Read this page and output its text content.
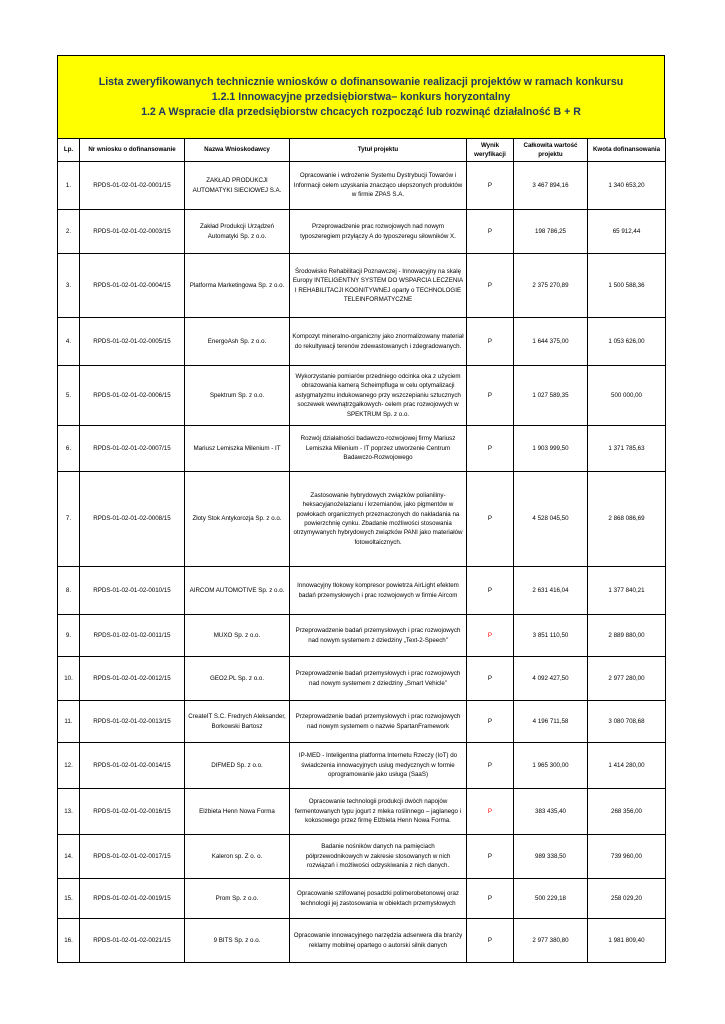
Lista zweryfikowanych technicznie wniosków o dofinansowanie realizacji projektów w ramach konkursu
1.2.1 Innowacyjne przedsiębiorstwa– konkurs horyzontalny
1.2 A Wspracie dla przedsiębiorstw chcacych rozpocząć lub rozwinąć działalność B + R
Lp.	Nr wniosku o dofinansowanie	Nazwa Wnioskodawcy	Tytuł projektu	Wynik weryfikacji	Całkowita wartość projektu	Kwota dofinansowania
1.	RPDS-01-02-01-02-0001/15	ZAKŁAD PRODUKCJI AUTOMATYKI SIECIOWEJ S.A.	Opracowanie i wdrożenie Systemu Dystrybucji Towarów i Informacji celem uzyskania znacząco ulepszonych produktów w firmie ZPAS S.A.	P	3 467 894,16	1 340 653,20
2.	RPDS-01-02-01-02-0003/15	Zakład Produkcji Urządzeń Automatyki Sp. z o.o.	Przeprowadzenie prac rozwojowych nad nowym typoszeregiem przyłączy A do typoszeregu siłowników X.	P	198 786,25	65 912,44
3.	RPDS-01-02-01-02-0004/15	Platforma Marketingowa Sp. z o.o.	Środowisko Rehabilitacji Poznawczej - Innowacyjny na skalę Europy INTELIGENTNY SYSTEM DO WSPARCIA LECZENIA I REHABILITACJI KOGNITYWNEJ oparty o TECHNOLOGIE TELEINFORMATYCZNE	P	2 375 270,89	1 500 588,36
4.	RPDS-01-02-01-02-0005/15	EnergoAsh Sp. z o.o.	Kompozyt mineralno-organiczny jako znormalizowany materiał do rekultywacji terenów zdewastowanych i zdegradowanych.	P	1 644 375,00	1 053 626,00
5.	RPDS-01-02-01-02-0006/15	Spektrum Sp. z o.o.	Wykorzystanie pomiarów przedniego odcinka oka z użyciem obrazowania kamerą Scheimpfluga w celu optymalizacji astygmatyzmu indukowanego przy wszczepianiu sztucznych soczewek wewnątrzgałkowych- celem prac rozwojowych w SPEKTRUM Sp. z o.o.	P	1 027 589,35	500 000,00
6.	RPDS-01-02-01-02-0007/15	Mariusz Lemiszka Milenium - IT	Rozwój działalności badawczo-rozwojowej firmy Mariusz Lemiszka Milenium - IT poprzez utworzenie Centrum Badawczo-Rozwojowego	P	1 903 999,50	1 371 785,63
7.	RPDS-01-02-01-02-0008/15	Złoty Stok Antykorozja Sp. z o.o.	Zastosowanie hybrydowych związków polianiliny-heksacyjanożelazianu i krzemianów, jako pigmentów w powłokach organicznych przeznaczonych do nakładania na powierzchnię cynku. Zbadanie możliwości stosowania otrzymywanych hybrydowych związków PANI jako materiałów fotowoltaicznych.	P	4 528 045,50	2 868 086,69
8.	RPDS-01-02-01-02-0010/15	AIRCOM AUTOMOTIVE Sp. z o.o.	Innowacyjny tłokowy kompresor powietrza AirLight efektem badań przemysłowych i prac rozwojowych w firmie Aircom	P	2 631 416,04	1 377 840,21
9.	RPDS-01-02-01-02-0011/15	MUXO Sp. z o.o.	Przeprowadzenie badań przemysłowych i prac rozwojowych nad nowym systemem z dziedziny „Text-2-Speech”	P	3 851 110,50	2 889 880,00
10.	RPDS-01-02-01-02-0012/15	GEO2.PL Sp. z o.o.	Przeprowadzenie badań przemysłowych i prac rozwojowych nad nowym systemem z dziedziny „Smart Vehicle”	P	4 092 427,50	2 977 280,00
11.	RPDS-01-02-01-02-0013/15	CreateIT S.C. Fredrych Aleksander, Borkowski Bartosz	Przeprowadzenie badań przemysłowych i prac rozwojowych nad nowym systemem o nazwie SpartanFramework	P	4 196 711,58	3 080 708,68
12.	RPDS-01-02-01-02-0014/15	DIFMED Sp. z o.o.	IP-MED - Inteligentna platforma Internetu Rzeczy (IoT) do świadczenia innowacyjnych usług medycznych w formie oprogramowanie jako usługa (SaaS)	P	1 965 300,00	1 414 280,00
13.	RPDS-01-02-01-02-0016/15	Elżbieta Henn Nowa Forma	Opracowanie technologii produkcji dwóch napojów fermentowanych typu jogurt z mleka roślinnego – jaglanego i kokosowego przez firmę Elżbieta Henn Nowa Forma.	P	383 435,40	268 356,00
14.	RPDS-01-02-01-02-0017/15	Kaleron sp. Z o. o.	Badanie nośników danych na pamięciach półprzewodnikowych w zakresie stosowanych w nich rozwiązań i możliwości odzyskiwania z nich danych.	P	989 338,50	739 960,00
15.	RPDS-01-02-01-02-0019/15	Prom Sp. z o.o.	Opracowanie szlifowanej posadzki polimerobetonowej oraz technologii jej zastosowania w obiektach przemysłowych	P	500 229,18	258 029,20
16.	RPDS-01-02-01-02-0021/15	9 BITS Sp. z o.o.	Opracowanie innowacyjnego narzędzia adserwera dla branży reklamy mobilnej opartego o autorski silnik danych	P	2 977 380,80	1 981 809,40
